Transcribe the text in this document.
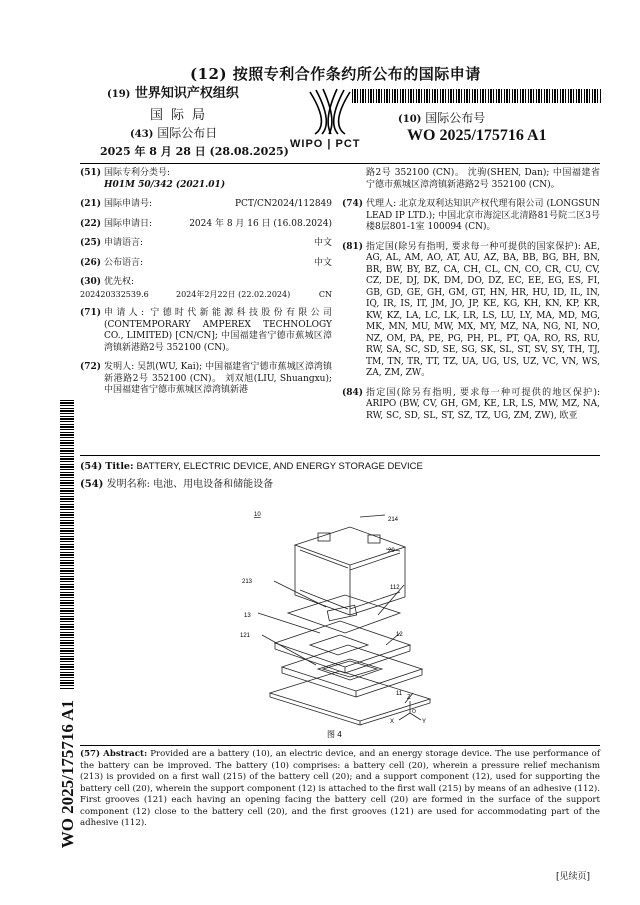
(12) 按照专利合作条约所公布的国际申请
(19) 世界知识产权组织
国际局
(43) 国际公布日
2025 年 8 月 28 日 (28.08.2025)
WIPO | PCT
(10) 国际公布号
WO 2025/175716 A1
WO 2025/175716 A1
(51) 国际专利分类号:
H01M 50/342 (2021.01)
(21) 国际申请号:	PCT/CN2024/112849
(22) 国际申请日:	2024 年 8 月 16 日 (16.08.2024)
(25) 申请语言:	中文
(26) 公布语言:	中文
(30) 优先权:
202420332539.6	2024年2月22日 (22.02.2024)	CN
(71) 申请人: 宁德时代新能源科技股份有限公司 (CONTEMPORARY AMPEREX TECHNOLOGY CO., LIMITED) [CN/CN]; 中国福建省宁德市蕉城区漳湾镇新港路2号 352100 (CN)。
(72) 发明人: 吴凯(WU, Kai); 中国福建省宁德市蕉城区漳湾镇新港路2号 352100 (CN)。 刘双旭(LIU, Shuangxu); 中国福建省宁德市蕉城区漳湾镇新港
路2号 352100 (CN)。 沈驹(SHEN, Dan); 中国福建省宁德市蕉城区漳湾镇新港路2号 352100 (CN)。
(74) 代理人: 北京龙双利达知识产权代理有限公司 (LONGSUN LEAD IP LTD.); 中国北京市海淀区北清路81号院二区3号楼8层801-1室 100094 (CN)。
(81) 指定国(除另有指明, 要求每一种可提供的国家保护): AE, AG, AL, AM, AO, AT, AU, AZ, BA, BB, BG, BH, BN, BR, BW, BY, BZ, CA, CH, CL, CN, CO, CR, CU, CV, CZ, DE, DJ, DK, DM, DO, DZ, EC, EE, EG, ES, FI, GB, GD, GE, GH, GM, GT, HN, HR, HU, ID, IL, IN, IQ, IR, IS, IT, JM, JO, JP, KE, KG, KH, KN, KP, KR, KW, KZ, LA, LC, LK, LR, LS, LU, LY, MA, MD, MG, MK, MN, MU, MW, MX, MY, MZ, NA, NG, NI, NO, NZ, OM, PA, PE, PG, PH, PL, PT, QA, RO, RS, RU, RW, SA, SC, SD, SE, SG, SK, SL, ST, SV, SY, TH, TJ, TM, TN, TR, TT, TZ, UA, UG, US, UZ, VC, VN, WS, ZA, ZM, ZW。
(84) 指定国(除另有指明, 要求每一种可提供的地区保护): ARIPO (BW, CV, GH, GM, KE, LR, LS, MW, MZ, NA, RW, SC, SD, SL, ST, SZ, TZ, UG, ZM, ZW), 欧亚
(54) Title: BATTERY, ELECTRIC DEVICE, AND ENERGY STORAGE DEVICE
(54) 发明名称: 电池、用电设备和储能设备
10
214
20
213
112
13
121	12
11
Z
X	Y
O
图 4
(57) Abstract: Provided are a battery (10), an electric device, and an energy storage device. The use performance of the battery can be improved. The battery (10) comprises: a battery cell (20), wherein a pressure relief mechanism (213) is provided on a first wall (215) of the battery cell (20); and a support component (12), used for supporting the battery cell (20), wherein the support component (12) is attached to the first wall (215) by means of an adhesive (112). First grooves (121) each having an opening facing the battery cell (20) are formed in the surface of the support component (12) close to the battery cell (20), and the first grooves (121) are used for accommodating part of the adhesive (112).
[见续页]
